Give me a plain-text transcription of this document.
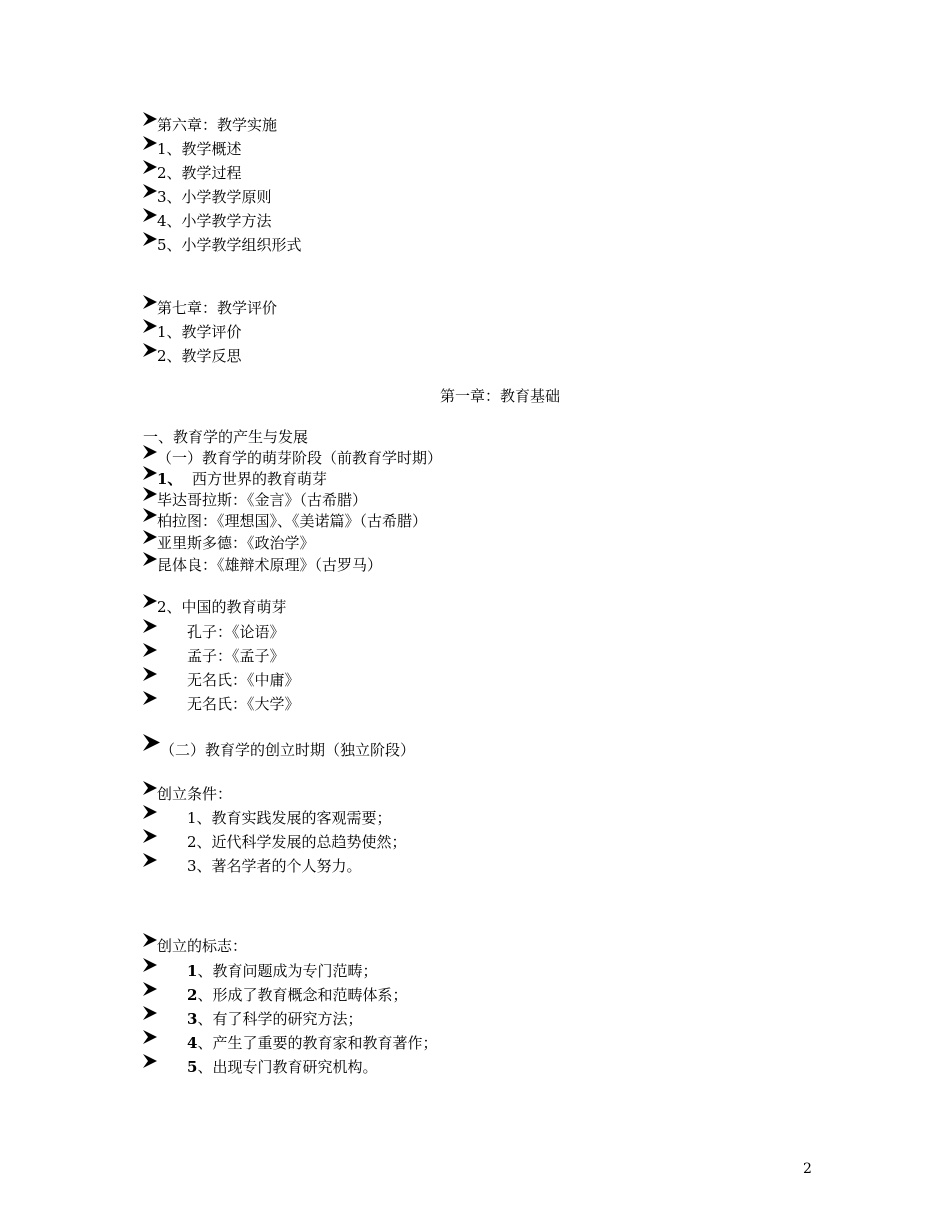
第六章：教学实施
1、教学概述
2、教学过程
3、小学教学原则
4、小学教学方法
5、小学教学组织形式
第七章：教学评价
1、教学评价
2、教学反思
第一章：教育基础
一、教育学的产生与发展
（一）教育学的萌芽阶段（前教育学时期）
1、 西方世界的教育萌芽
毕达哥拉斯：《金言》（古希腊）
柏拉图：《理想国》、《美诺篇》（古希腊）
亚里斯多德：《政治学》
昆体良：《雄辩术原理》（古罗马）
2、中国的教育萌芽
孔子：《论语》
孟子：《孟子》
无名氏：《中庸》
无名氏：《大学》
（二）教育学的创立时期（独立阶段）
创立条件：
1、教育实践发展的客观需要；
2、近代科学发展的总趋势使然；
3、著名学者的个人努力。
创立的标志：
1、教育问题成为专门范畴；
2、形成了教育概念和范畴体系；
3、有了科学的研究方法；
4、产生了重要的教育家和教育著作；
5、出现专门教育研究机构。
2
